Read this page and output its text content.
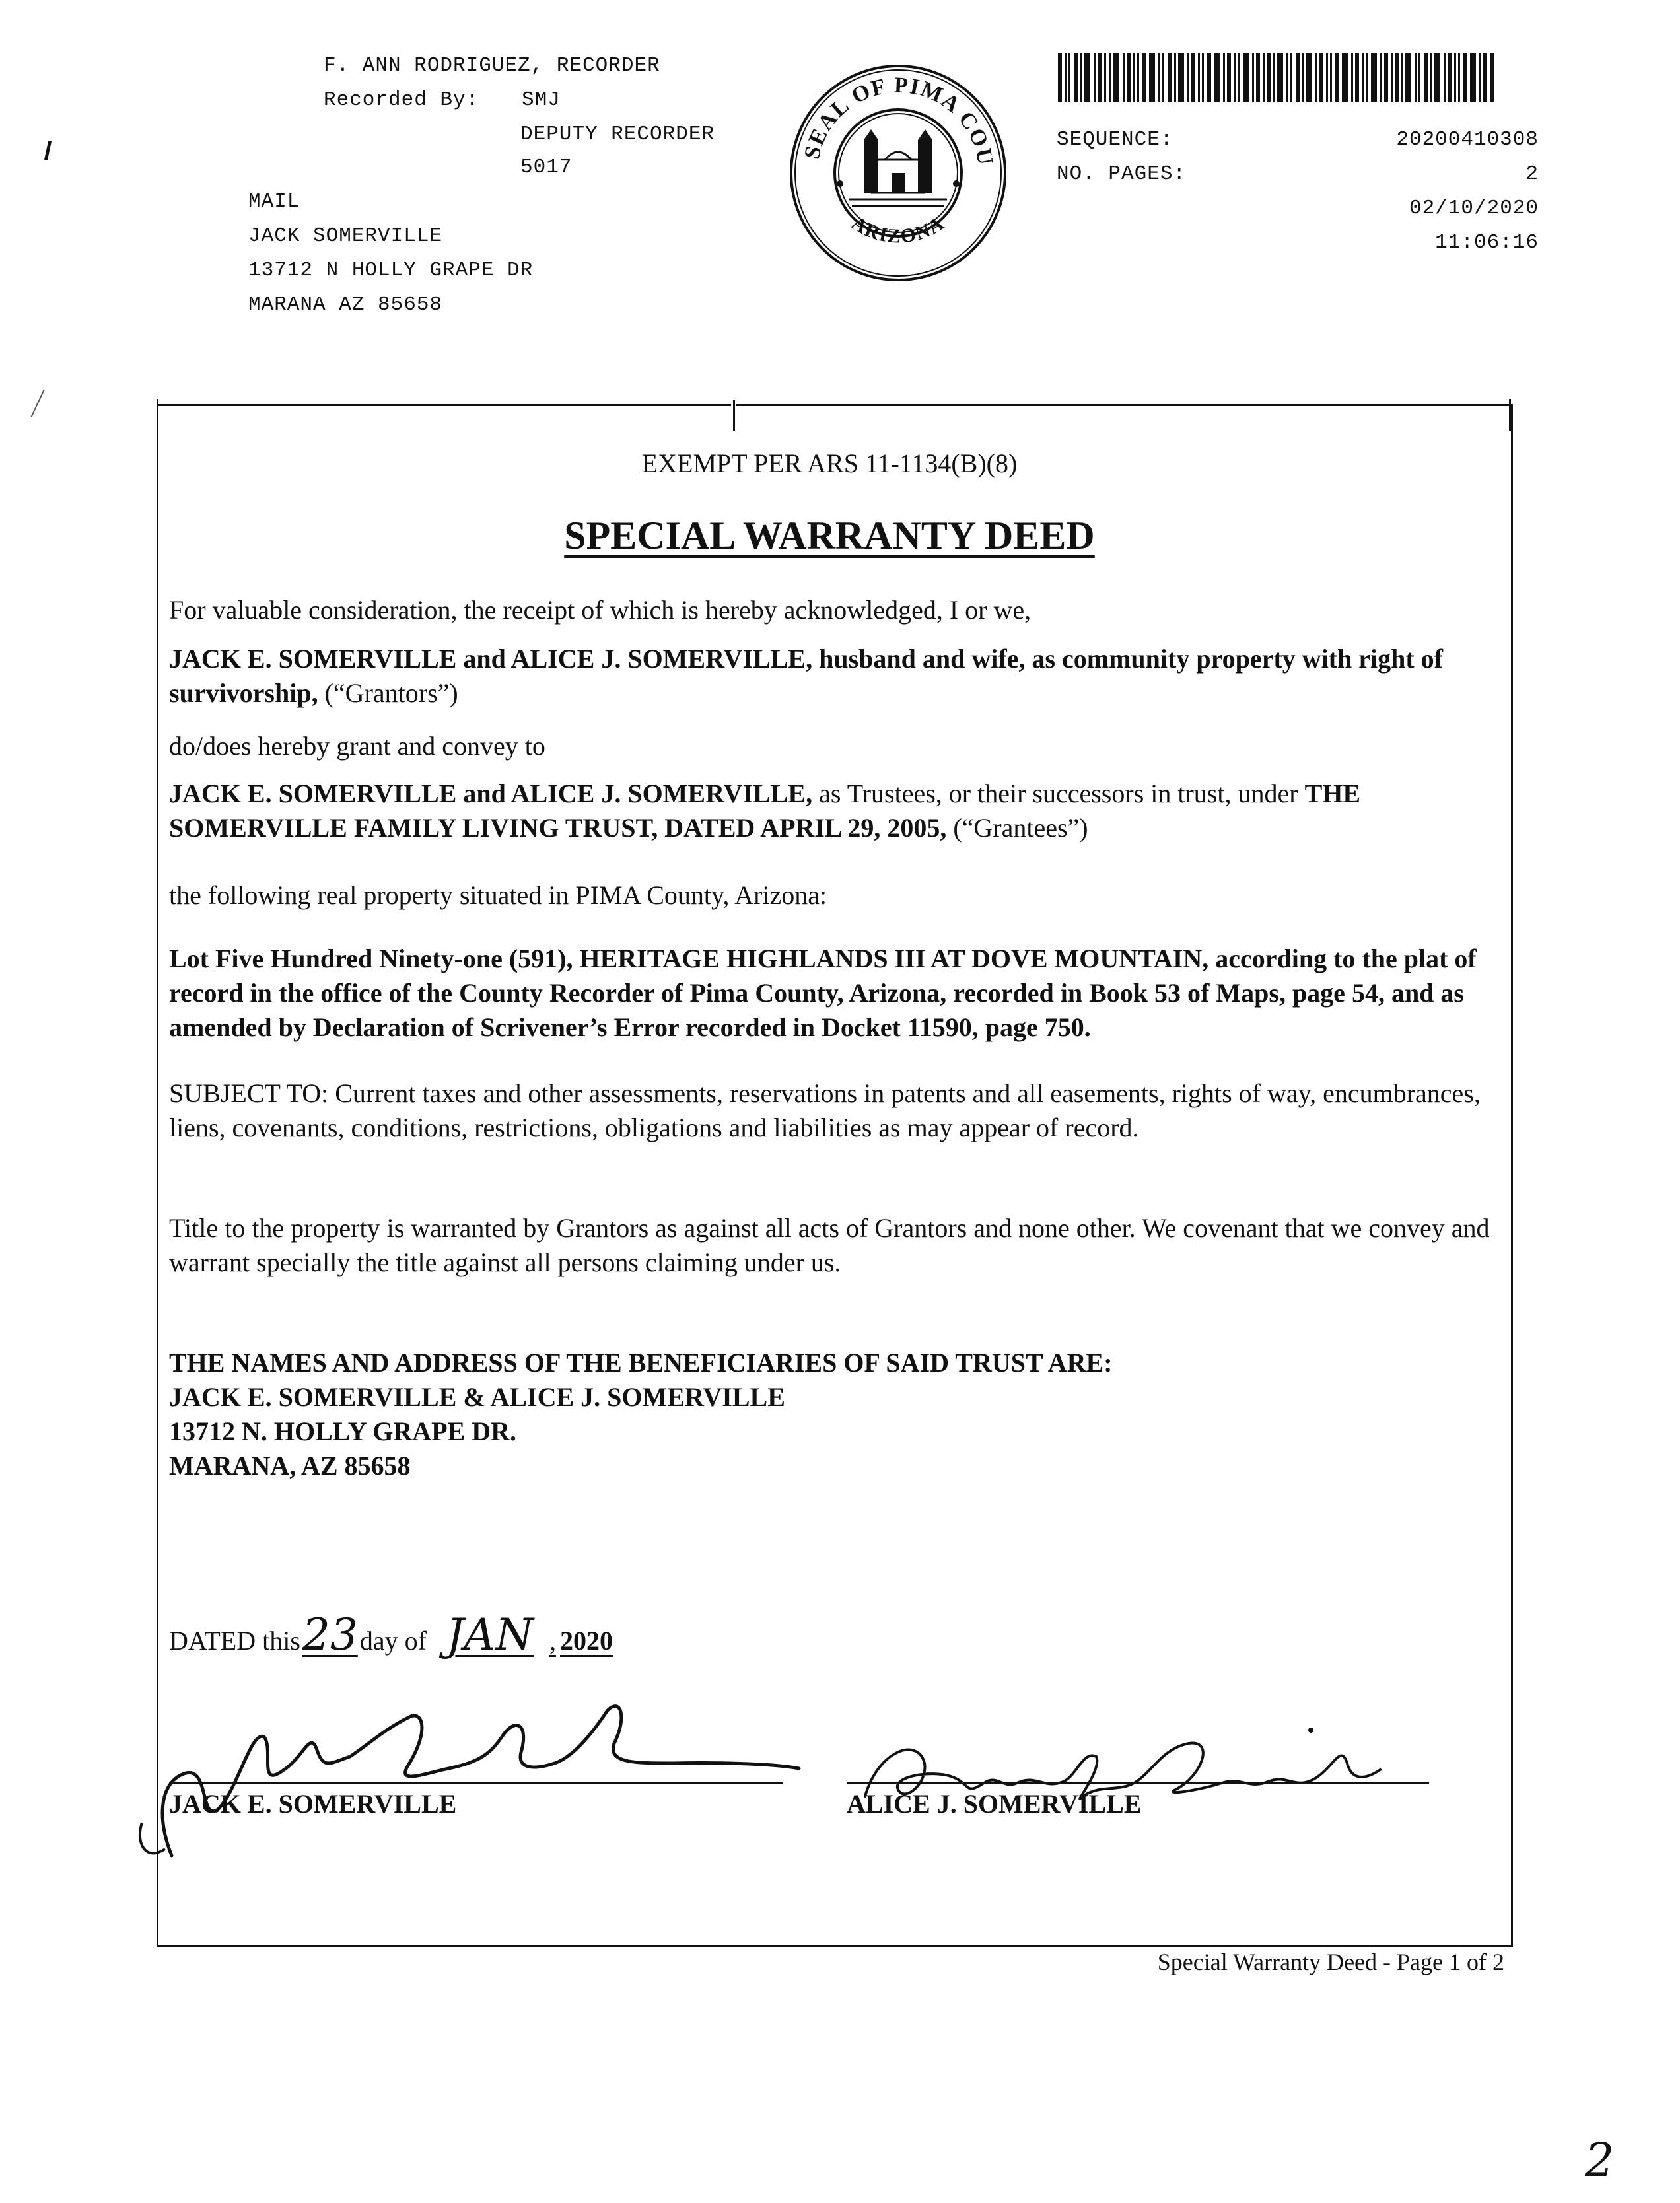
F. ANN RODRIGUEZ, RECORDER
Recorded By: SMJ
DEPUTY RECORDER
5017
MAIL
JACK SOMERVILLE
13712 N HOLLY GRAPE DR
MARANA AZ 85658
SEAL OF PIMA COU
ARIZONA
SEQUENCE:	20200410308
NO. PAGES:	2
02/10/2020
11:06:16
EXEMPT PER ARS 11-1134(B)(8)
SPECIAL WARRANTY DEED
For valuable consideration, the receipt of which is hereby acknowledged, I or we,
JACK E. SOMERVILLE and ALICE J. SOMERVILLE, husband and wife, as community property with right of survivorship, (“Grantors”)
do/does hereby grant and convey to
JACK E. SOMERVILLE and ALICE J. SOMERVILLE, as Trustees, or their successors in trust, under THE SOMERVILLE FAMILY LIVING TRUST, DATED APRIL 29, 2005, (“Grantees”)
the following real property situated in PIMA County, Arizona:
Lot Five Hundred Ninety-one (591), HERITAGE HIGHLANDS III AT DOVE MOUNTAIN, according to the plat of record in the office of the County Recorder of Pima County, Arizona, recorded in Book 53 of Maps, page 54, and as amended by Declaration of Scrivener’s Error recorded in Docket 11590, page 750.
SUBJECT TO: Current taxes and other assessments, reservations in patents and all easements, rights of way, encumbrances, liens, covenants, conditions, restrictions, obligations and liabilities as may appear of record.
Title to the property is warranted by Grantors as against all acts of Grantors and none other. We covenant that we convey and warrant specially the title against all persons claiming under us.
THE NAMES AND ADDRESS OF THE BENEFICIARIES OF SAID TRUST ARE:
JACK E. SOMERVILLE & ALICE J. SOMERVILLE
13712 N. HOLLY GRAPE DR.
MARANA, AZ 85658
DATED this23day of JAN , 2020
JACK E. SOMERVILLE	ALICE J. SOMERVILLE
Special Warranty Deed - Page 1 of 2
2
